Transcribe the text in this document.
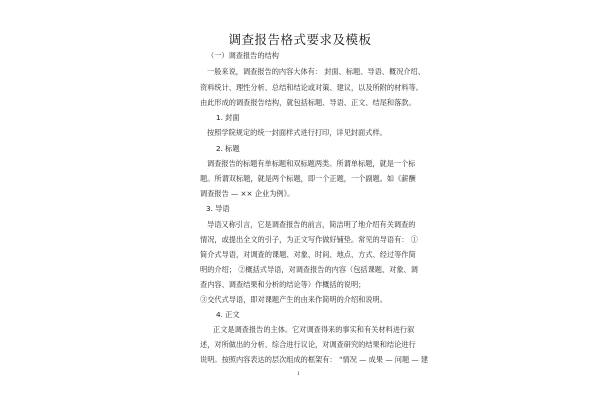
调查报告格式要求及模板
（一）调查报告的结构
一般来说，调查报告的内容大体有： 封面、标题、导语、概况介绍、
资料统计、理性分析、总结和结论或对策、建议，以及所附的材料等。
由此形成的调查报告结构，就包括标题、导语、正文、结尾和落款。
1. 封面
按照学院规定的统一封面样式进行打印，详见封面式样。
2. 标题
调查报告的标题有单标题和双标题两类。所谓单标题，就是一个标
题。所谓双标题，就是两个标题，即一个正题，一个副题。如《薪酬
调查报告 — ×× 企业为例》。
3. 导语
导语又称引言，它是调查报告的前言，简洁明了地介绍有关调查的
情况，或提出全文的引子，为正文写作做好铺垫。常见的导语有： ①
简介式导语，对调查的课题、对象、时间、地点、方式、经过等作简
明的介绍； ②概括式导语，对调查报告的内容（包括课题、对象、调
查内容、调查结果和分析的结论等）作概括的说明；
③交代式导语，即对课题产生的由来作简明的介绍和说明。
4. 正文
正文是调查报告的主体。它对调查得来的事实和有关材料进行叙
述，对所做出的分析、综合进行议论，对调查研究的结果和结论进行
说明。按照内容表达的层次组成的框架有： “情况 — 成果 — 问题 — 建
1
